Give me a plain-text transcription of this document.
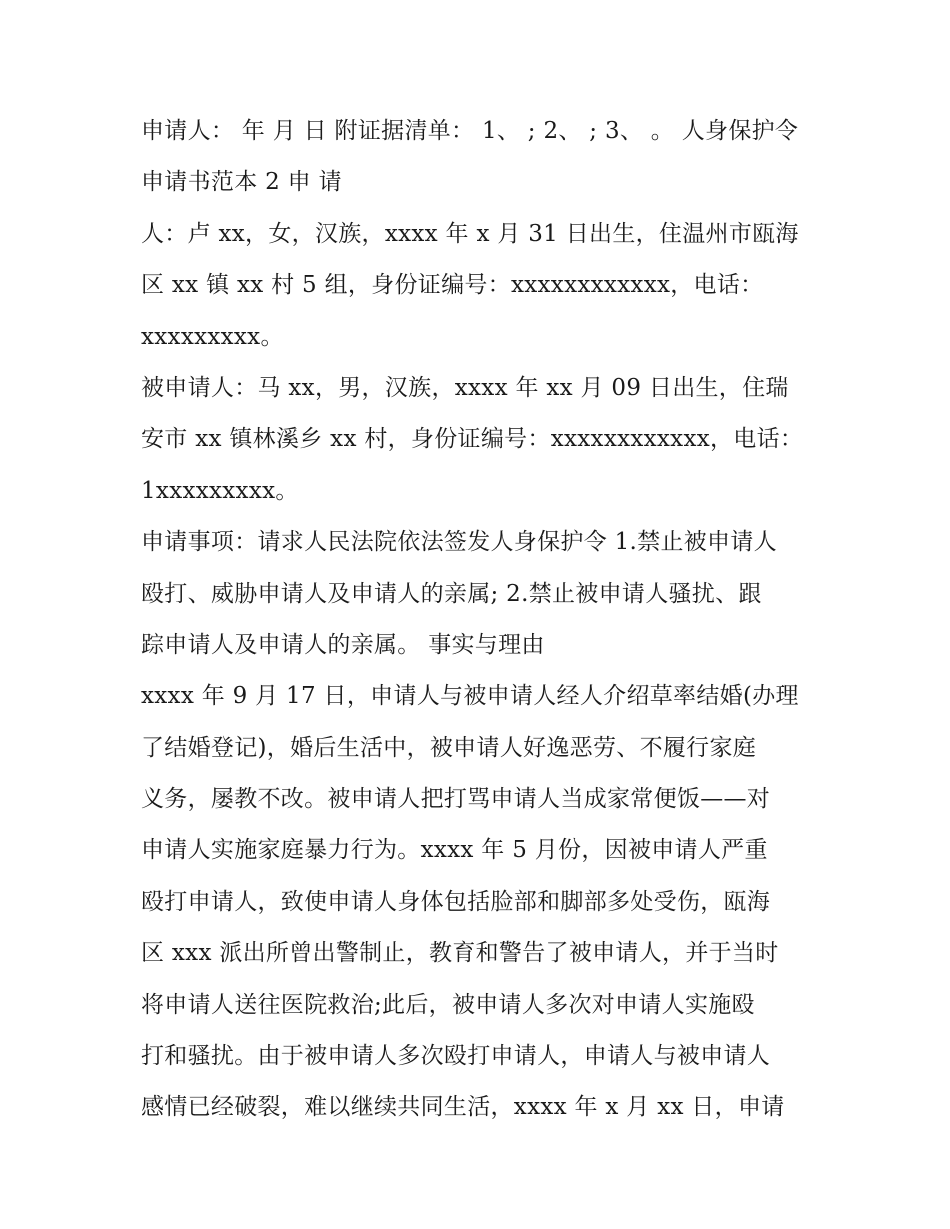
申请人： 年 月 日 附证据清单： 1、 ; 2、 ; 3、 。 人身保护令
申请书范本 2 申 请
人：卢 xx，女，汉族，xxxx 年 x 月 31 日出生，住温州市瓯海
区 xx 镇 xx 村 5 组，身份证编号：xxxxxxxxxxxx，电话：
xxxxxxxxx。
被申请人：马 xx，男，汉族，xxxx 年 xx 月 09 日出生，住瑞
安市 xx 镇林溪乡 xx 村，身份证编号：xxxxxxxxxxxx，电话：
1xxxxxxxxx。
申请事项：请求人民法院依法签发人身保护令 1.禁止被申请人
殴打、威胁申请人及申请人的亲属; 2.禁止被申请人骚扰、跟
踪申请人及申请人的亲属。 事实与理由
xxxx 年 9 月 17 日，申请人与被申请人经人介绍草率结婚(办理
了结婚登记)，婚后生活中，被申请人好逸恶劳、不履行家庭
义务，屡教不改。被申请人把打骂申请人当成家常便饭——对
申请人实施家庭暴力行为。xxxx 年 5 月份，因被申请人严重
殴打申请人，致使申请人身体包括脸部和脚部多处受伤，瓯海
区 xxx 派出所曾出警制止，教育和警告了被申请人，并于当时
将申请人送往医院救治;此后，被申请人多次对申请人实施殴
打和骚扰。由于被申请人多次殴打申请人，申请人与被申请人
感情已经破裂，难以继续共同生活，xxxx 年 x 月 xx 日，申请
